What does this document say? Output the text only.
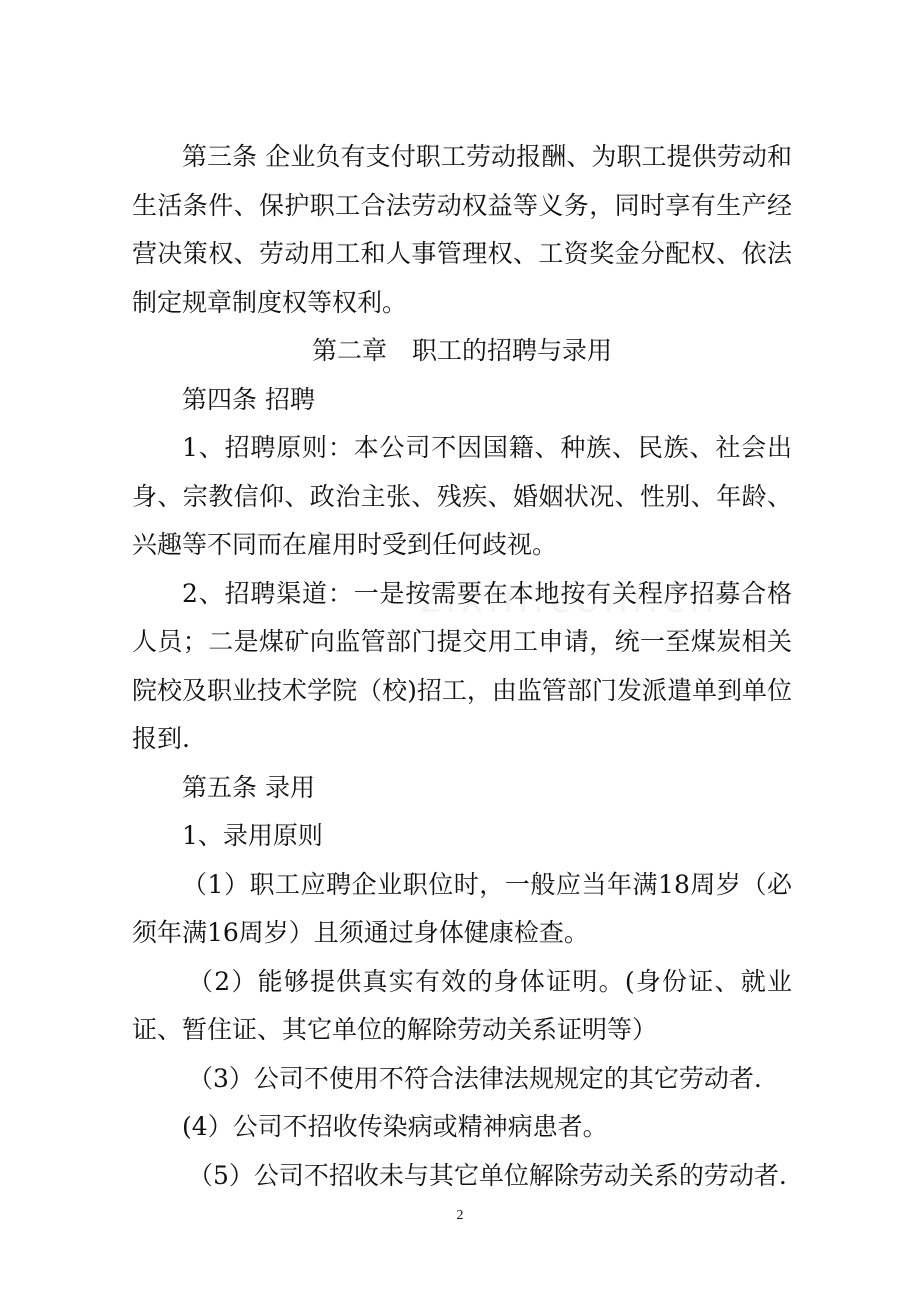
第三条 企业负有支付职工劳动报酬、为职工提供劳动和生活条件、保护职工合法劳动权益等义务，同时享有生产经营决策权、劳动用工和人事管理权、工资奖金分配权、依法制定规章制度权等权利。

第二章　职工的招聘与录用

第四条 招聘

1、招聘原则：本公司不因国籍、种族、民族、社会出身、宗教信仰、政治主张、残疾、婚姻状况、性别、年龄、兴趣等不同而在雇用时受到任何歧视。

2、招聘渠道：一是按需要在本地按有关程序招募合格人员；二是煤矿向监管部门提交用工申请，统一至煤炭相关院校及职业技术学院（校)招工，由监管部门发派遣单到单位报到.

第五条 录用

1、录用原则

（1）职工应聘企业职位时，一般应当年满18周岁（必须年满16周岁）且须通过身体健康检查。

（2）能够提供真实有效的身体证明。(身份证、就业证、暂住证、其它单位的解除劳动关系证明等）

（3）公司不使用不符合法律法规规定的其它劳动者.

(4）公司不招收传染病或精神病患者。

（5）公司不招收未与其它单位解除劳动关系的劳动者.

2
